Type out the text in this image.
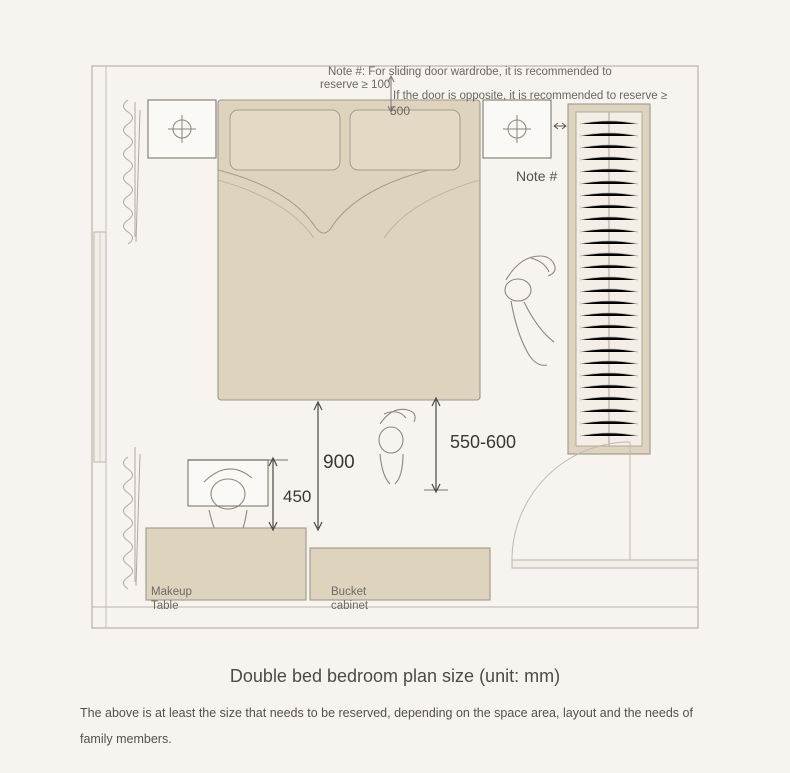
Note #: For sliding door wardrobe, it is recommended to
reserve ≥ 100
If the door is opposite, it is recommended to reserve ≥
Note #
500
900
450
550-600
Makeup
Table
Bucket
cabinet
Double bed bedroom plan size (unit: mm)
The above is at least the size that needs to be reserved, depending on the space area, layout and the needs of family members.
